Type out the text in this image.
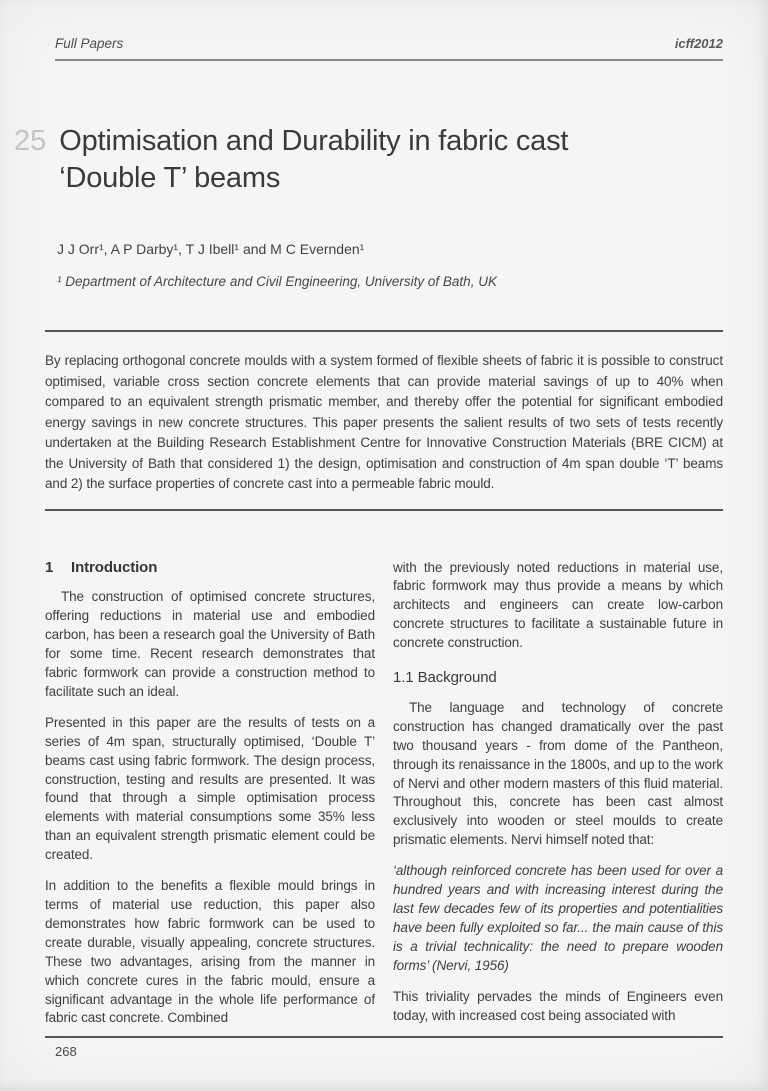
Full Papers	icff2012
25 Optimisation and Durability in fabric cast
‘Double T’ beams
J J Orr¹, A P Darby¹, T J Ibell¹ and M C Evernden¹
¹ Department of Architecture and Civil Engineering, University of Bath, UK

By replacing orthogonal concrete moulds with a system formed of flexible sheets of fabric it is possible to construct optimised, variable cross section concrete elements that can provide material savings of up to 40% when compared to an equivalent strength prismatic member, and thereby offer the potential for significant embodied energy savings in new concrete structures. This paper presents the salient results of two sets of tests recently undertaken at the Building Research Establishment Centre for Innovative Construction Materials (BRE CICM) at the University of Bath that considered 1) the design, optimisation and construction of 4m span double ‘T’ beams and 2) the surface properties of concrete cast into a permeable fabric mould.

1 Introduction

The construction of optimised concrete structures, offering reductions in material use and embodied carbon, has been a research goal the University of Bath for some time. Recent research demonstrates that fabric formwork can provide a construction method to facilitate such an ideal.

Presented in this paper are the results of tests on a series of 4m span, structurally optimised, ‘Double T’ beams cast using fabric formwork. The design process, construction, testing and results are presented. It was found that through a simple optimisation process elements with material consumptions some 35% less than an equivalent strength prismatic element could be created.

In addition to the benefits a flexible mould brings in terms of material use reduction, this paper also demonstrates how fabric formwork can be used to create durable, visually appealing, concrete structures. These two advantages, arising from the manner in which concrete cures in the fabric mould, ensure a significant advantage in the whole life performance of fabric cast concrete. Combined

with the previously noted reductions in material use, fabric formwork may thus provide a means by which architects and engineers can create low-carbon concrete structures to facilitate a sustainable future in concrete construction.

1.1 Background

The language and technology of concrete construction has changed dramatically over the past two thousand years - from dome of the Pantheon, through its renaissance in the 1800s, and up to the work of Nervi and other modern masters of this fluid material. Throughout this, concrete has been cast almost exclusively into wooden or steel moulds to create prismatic elements. Nervi himself noted that:

‘although reinforced concrete has been used for over a hundred years and with increasing interest during the last few decades few of its properties and potentialities have been fully exploited so far... the main cause of this is a trivial technicality: the need to prepare wooden forms’ (Nervi, 1956)

This triviality pervades the minds of Engineers even today, with increased cost being associated with

268
